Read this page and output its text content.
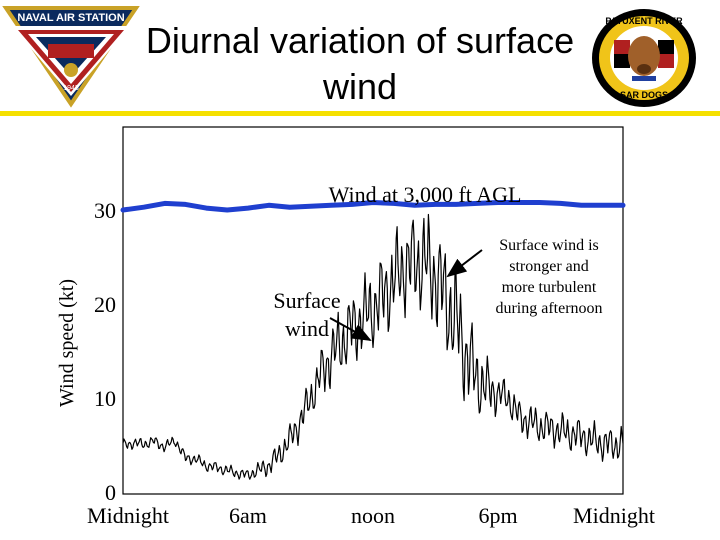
Diurnal variation of surface
wind
NAVAL AIR STATION
1943
PATUXENT RIVER
SAR DOGS
0
10
20
30
Midnight	6am	noon	6pm	Midnight
Wind speed (kt)
Wind at 3,000 ft AGL
Surface
wind
Surface wind is
stronger and
more turbulent
during afternoon
